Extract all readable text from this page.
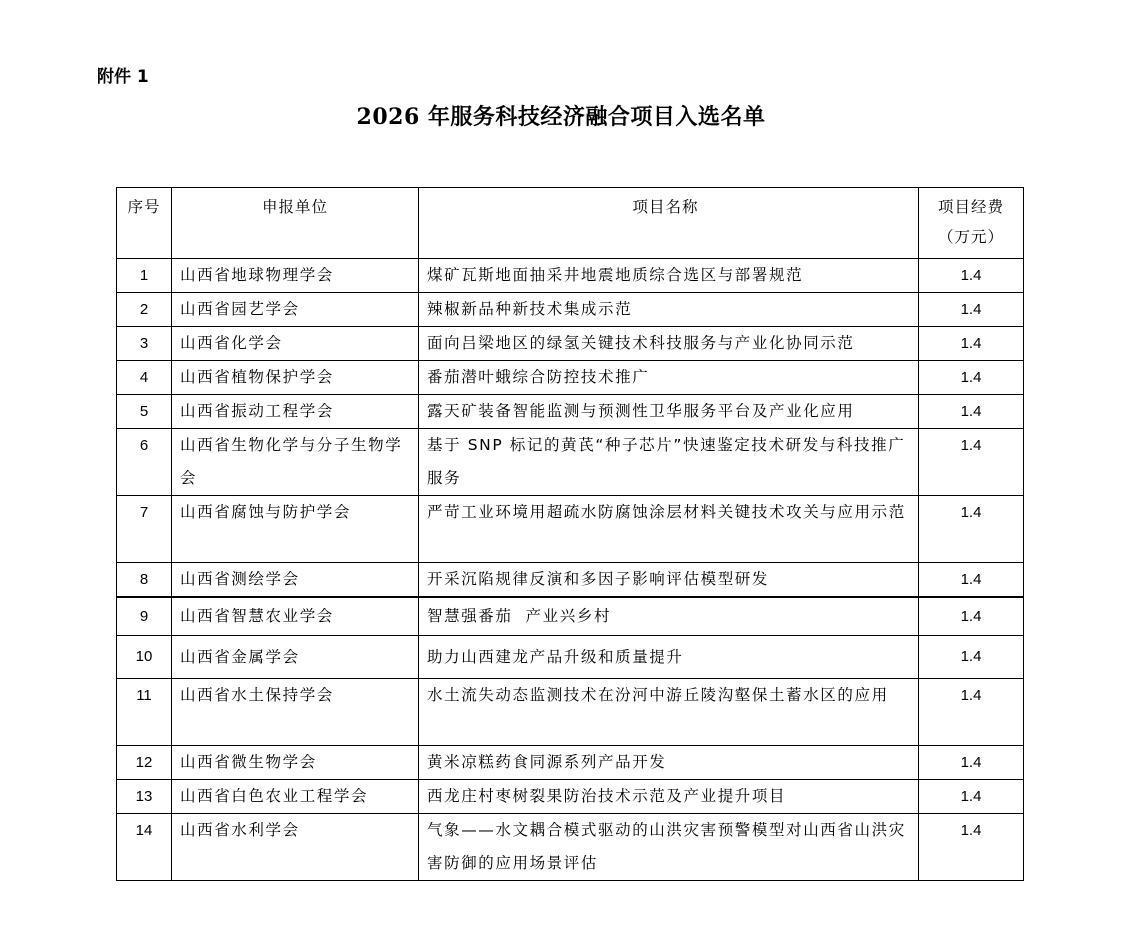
附件 1
2026 年服务科技经济融合项目入选名单
序号	申报单位	项目名称	项目经费
（万元）

1	山西省地球物理学会	煤矿瓦斯地面抽采井地震地质综合选区与部署规范	1.4
2	山西省园艺学会	辣椒新品种新技术集成示范	1.4
3	山西省化学会	面向吕梁地区的绿氢关键技术科技服务与产业化协同示范	1.4
4	山西省植物保护学会	番茄潜叶蛾综合防控技术推广	1.4
5	山西省振动工程学会	露天矿装备智能监测与预测性卫华服务平台及产业化应用	1.4
6	山西省生物化学与分子生物学会	基于 SNP 标记的黄芪“种子芯片”快速鉴定技术研发与科技推广服务	1.4
7	山西省腐蚀与防护学会	严苛工业环境用超疏水防腐蚀涂层材料关键技术攻关与应用示范	1.4
8	山西省测绘学会	开采沉陷规律反演和多因子影响评估模型研发	1.4
9	山西省智慧农业学会	智慧强番茄  产业兴乡村	1.4
10	山西省金属学会	助力山西建龙产品升级和质量提升	1.4
11	山西省水土保持学会	水土流失动态监测技术在汾河中游丘陵沟壑保土蓄水区的应用	1.4
12	山西省微生物学会	黄米凉糕药食同源系列产品开发	1.4
13	山西省白色农业工程学会	西龙庄村枣树裂果防治技术示范及产业提升项目	1.4
14	山西省水利学会	气象——水文耦合模式驱动的山洪灾害预警模型对山西省山洪灾害防御的应用场景评估	1.4
